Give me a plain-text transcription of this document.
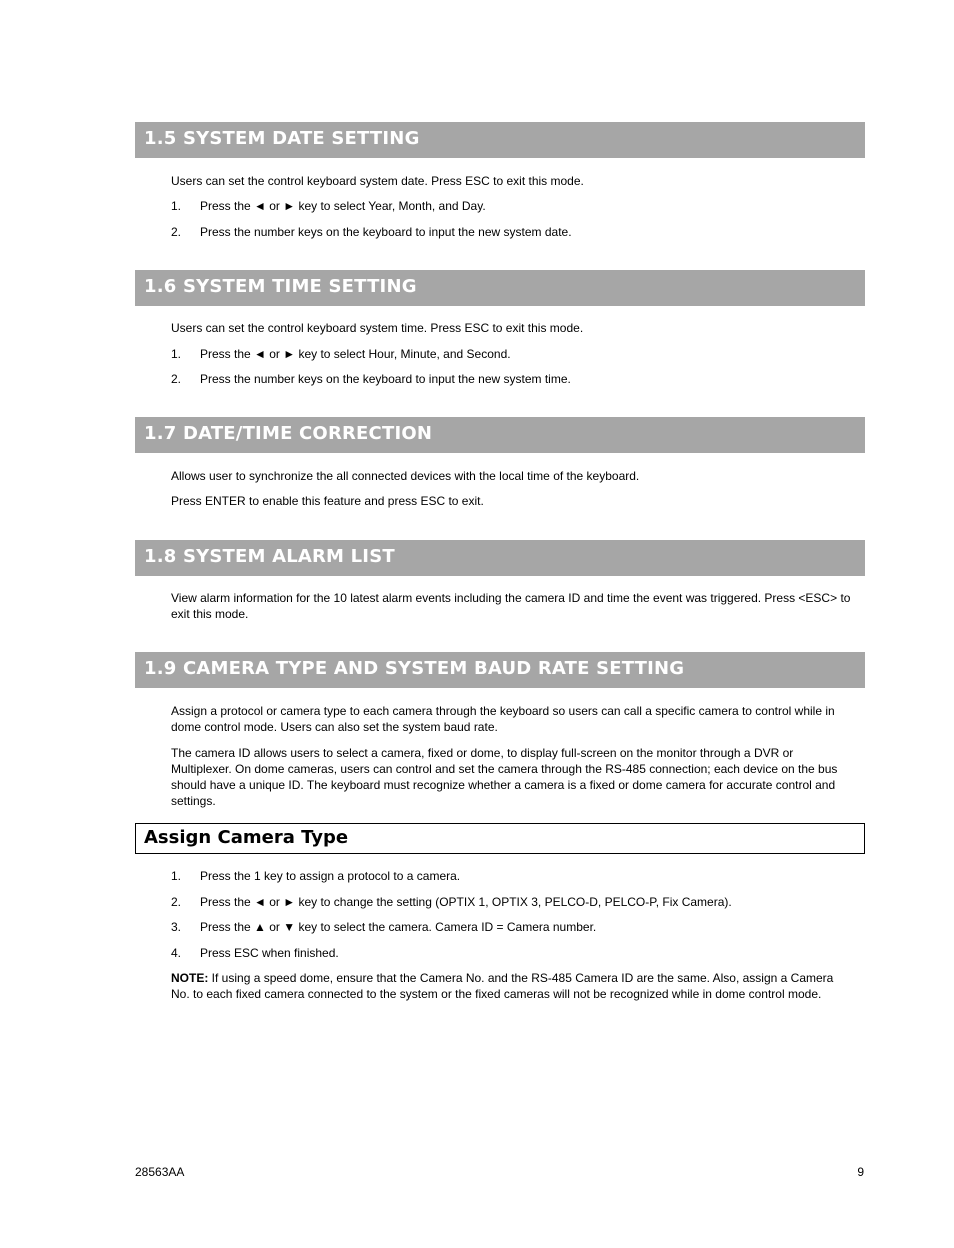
1.5 SYSTEM DATE SETTING
Users can set the control keyboard system date. Press ESC to exit this mode.
1. Press the ◄ or ► key to select Year, Month, and Day.
2. Press the number keys on the keyboard to input the new system date.
1.6 SYSTEM TIME SETTING
Users can set the control keyboard system time. Press ESC to exit this mode.
1. Press the ◄ or ► key to select Hour, Minute, and Second.
2. Press the number keys on the keyboard to input the new system time.
1.7 DATE/TIME CORRECTION
Allows user to synchronize the all connected devices with the local time of the keyboard.
Press ENTER to enable this feature and press ESC to exit.
1.8 SYSTEM ALARM LIST
View alarm information for the 10 latest alarm events including the camera ID and time the event was triggered. Press <ESC> to exit this mode.
1.9 CAMERA TYPE AND SYSTEM BAUD RATE SETTING
Assign a protocol or camera type to each camera through the keyboard so users can call a specific camera to control while in dome control mode. Users can also set the system baud rate.
The camera ID allows users to select a camera, fixed or dome, to display full-screen on the monitor through a DVR or Multiplexer. On dome cameras, users can control and set the camera through the RS-485 connection; each device on the bus should have a unique ID. The keyboard must recognize whether a camera is a fixed or dome camera for accurate control and settings.
Assign Camera Type
1. Press the 1 key to assign a protocol to a camera.
2. Press the ◄ or ► key to change the setting (OPTIX 1, OPTIX 3, PELCO-D, PELCO-P, Fix Camera).
3. Press the ▲ or ▼ key to select the camera. Camera ID = Camera number.
4. Press ESC when finished.
NOTE: If using a speed dome, ensure that the Camera No. and the RS-485 Camera ID are the same. Also, assign a Camera No. to each fixed camera connected to the system or the fixed cameras will not be recognized while in dome control mode.
28563AA	9
